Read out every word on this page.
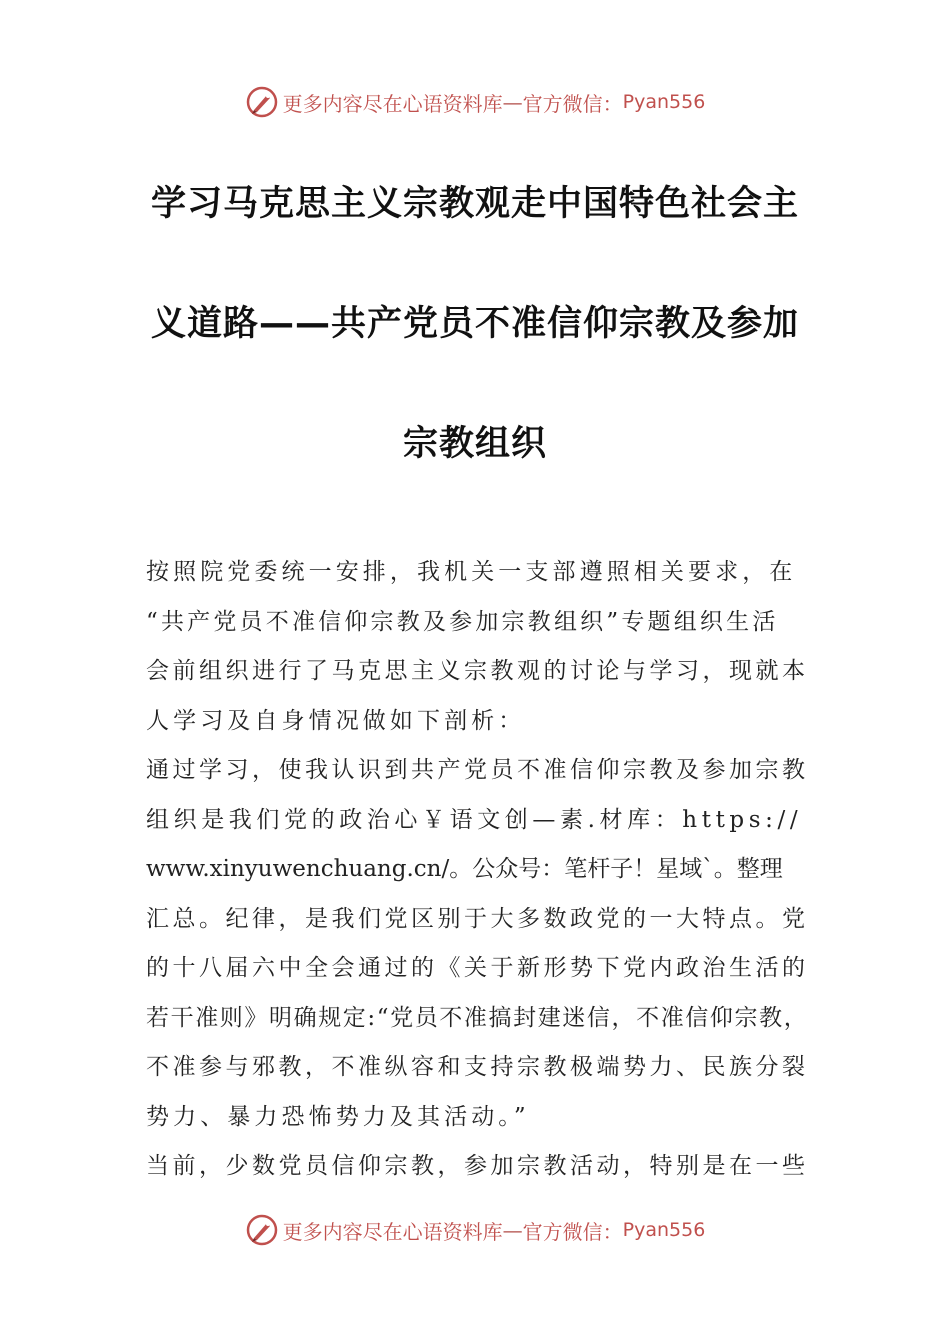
更多内容尽在心语资料库 — 官方微信： Pyan556
学习马克思主义宗教观走中国特色社会主
义道路——共产党员不准信仰宗教及参加
宗教组织
按照院党委统一安排，我机关一支部遵照相关要求，在
“共产党员不准信仰宗教及参加宗教组织”专题组织生活
会前组织进行了马克思主义宗教观的讨论与学习，现就本
人学习及自身情况做如下剖析：
通过学习，使我认识到共产党员不准信仰宗教及参加宗教
组织是我们党的政治心￥语文创—素.材库：https://
www.xinyuwenchuang.cn/。公众号：笔杆子！星域`。整理
汇总。纪律，是我们党区别于大多数政党的一大特点。党
的十八届六中全会通过的《关于新形势下党内政治生活的
若干准则》明确规定:“党员不准搞封建迷信，不准信仰宗教，
不准参与邪教，不准纵容和支持宗教极端势力、民族分裂
势力、暴力恐怖势力及其活动。”
当前，少数党员信仰宗教，参加宗教活动，特别是在一些
更多内容尽在心语资料库 — 官方微信： Pyan556
